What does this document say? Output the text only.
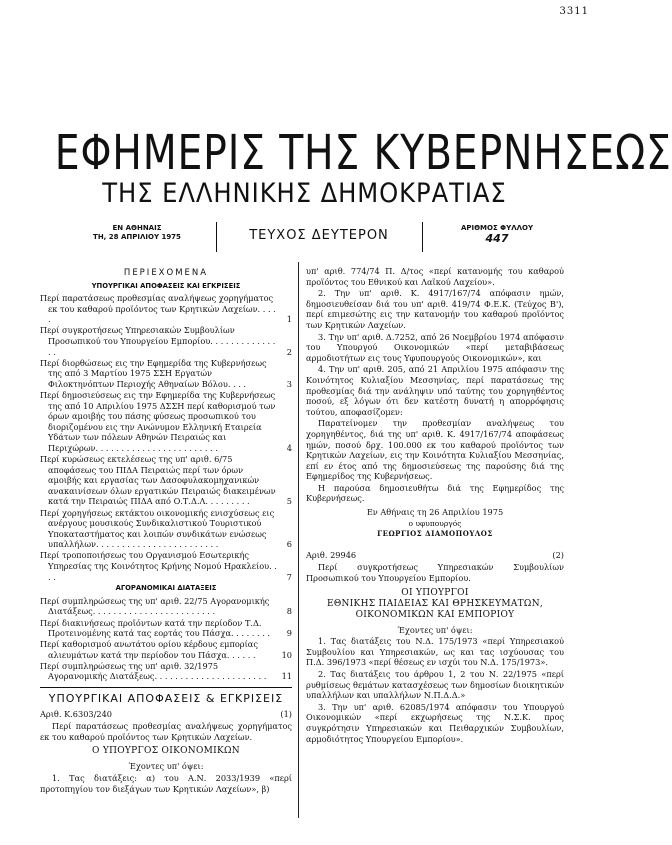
3311
ΕΦΗΜΕΡΙΣ ΤΗΣ ΚΥΒΕΡΝΗΣΕΩΣ
ΤΗΣ ΕΛΛΗΝΙΚΗΣ ΔΗΜΟΚΡΑΤΙΑΣ
ΕΝ ΑΘΗΝΑΙΣ
ΤΗ, 28 ΑΠΡΙΛΙΟΥ 1975	ΤΕΥΧΟΣ ΔΕΥΤΕΡΟΝ	ΑΡΙΘΜΟΣ ΦΥΛΛΟΥ
447
ΠΕΡΙΕΧΟΜΕΝΑ
ΥΠΟΥΡΓΙΚΑΙ ΑΠΟΦΑΣΕΙΣ ΚΑΙ ΕΓΚΡΙΣΕΙΣ
Περί παρατάσεως προθεσμίας αναλήψεως χορηγήματος εκ του καθαρού προϊόντος των Κρητικών Λαχείων. . . . .	1
Περί συγκροτήσεως Υπηρεσιακών Συμβουλίων Προσωπικού του Υπουργείου Εμπορίου. . . . . . . . . . . . . . .	2
Περί διορθώσεως εις την Εφημερίδα της Κυβερνήσεως της από 3 Μαρτίου 1975 ΣΣΗ Εργατών Φιλοκτηνόπτων Περιοχής Αθηναίων Βόλου. . . .	3
Περί δημοσιεύσεως εις την Εφημερίδα της Κυβερνήσεως της από 10 Απριλίου 1975 ΔΣΣΗ περί καθορισμού των όρων αμοιβής του πάσης φύσεως προσωπικού του διοριζομένου εις την Ανώνυμον Ελληνική Εταιρεία Υδάτων των πόλεων Αθηνών Πειραιώς και Περιχώρων. . . . . . . . . . . . . . . . . . . . . . . .	4
Περί κυρώσεως εκτελέσεως της υπ' αριθ. 6/75 αποφάσεως του ΠΙΔΑ Πειραιώς περί των όρων αμοιβής και εργασίας των Δασοφυλακομηχανικών ανακαινίσεων όλων εργατικών Πειραιώς διακειμένων κατά την Πειραιώς ΠΙΔΑ από Ο.Τ.Δ.Λ. . . . . . . . .	5
Περί χορηγήσεως εκτάκτου οικονομικής ενισχύσεως εις ανέργους μουσικούς Συνδικαλιστικού Τουριστικού Υποκαταστήματος και λοιπών συνδικάτων ενώσεως υπαλλήλων. . . . . . . . . . . . . . . . . . . . . . . .	6
Περί τροποποιήσεως του Οργανισμού Εσωτερικής Υπηρεσίας της Κοινότητος Κρήνης Νομού Ηρακλείου. . . .	7
ΑΓΟΡΑΝΟΜΙΚΑΙ ΔΙΑΤΑΞΕΙΣ
Περί συμπληρώσεως της υπ' αριθ. 22/75 Αγορανομικής Διατάξεως. . . . . . . . . . . . . . . . . . . . . . . .	8
Περί διακινήσεως προϊόντων κατά την περίοδον Τ.Δ. Προτεινομένης κατά τας εορτάς του Πάσχα. . . . . . . .	9
Περί καθορισμού ανωτάτου ορίου κέρδους εμπορίας αλιευμάτων κατά την περίοδον του Πάσχα. . . . . .	10
Περί συμπληρώσεως της υπ' αριθ. 32/1975 Αγορανομικής Διατάξεως. . . . . . . . . . . . . . . . . . . . . .	11
ΥΠΟΥΡΓΙΚΑΙ ΑΠΟΦΑΣΕΙΣ & ΕΓΚΡΙΣΕΙΣ
Αριθ. Κ.6303/240	(1)
Περί παρατάσεως προθεσμίας αναλήψεως χορηγήματος εκ του καθαρού προϊόντος των Κρητικών Λαχείων.
Ο ΥΠΟΥΡΓΟΣ ΟΙΚΟΝΟΜΙΚΩΝ
Έχοντες υπ' όψει:
1. Τας διατάξεις: α) του Α.Ν. 2033/1939 «περί προτοπηγίου τον διεξάγων των Κρητικών Λαχείων», β)
υπ' αριθ. 774/74 Π. Δ/τος «περί κατανομής του καθαρού προϊόντος του Εθνικού και Λαϊκού Λαχείου».
2. Την υπ' αριθ. Κ. 4917/167/74 απόφασιν ημών, δημοσιευθείσαν διά του υπ' αριθ. 419/74 Φ.Ε.Κ. (Τεύχος Β'), περί επιμεσώτης εις την κατανομήν του καθαρού προϊόντος των Κρητικών Λαχείων.
3. Την υπ' αριθ. Δ.7252, από 26 Νοεμβρίου 1974 απόφασιν του Υπουργού Οικονομικών «περί μεταβιβάσεως αρμοδιοτήτων εις τους Υφυπουργούς Οικονομικών», και
4. Την υπ' αριθ. 205, από 21 Απριλίου 1975 απόφασιν της Κοινότητος Κυλιαξίου Μεσσηνίας, περί παρατάσεως της προθεσμίας διά την ανάληψιν υπό ταύτης του χορηγηθέντος ποσού, εξ λόγων ότι δεν κατέστη δυνατή η απορρόφησις τούτου, αποφασίζομεν:
Παρατείνομεν την προθεσμίαν αναλήψεως του χορηγηθέντος, διά της υπ' αριθ. Κ. 4917/167/74 αποφάσεως ημών, ποσού δρχ. 100.000 εκ του καθαρού προϊόντος των Κρητικών Λαχείων, εις την Κοινότητα Κυλιαξίου Μεσσηνίας, επί εν έτος από της δημοσιεύσεως της παρούσης διά της Εφημερίδος της Κυβερνήσεως.
Η παρούσα δημοσιευθήτω διά της Εφημερίδος της Κυβερνήσεως.
Εν Αθήναις τη 26 Απριλίου 1975
ο υφυπουργός
ΓΕΩΡΓΙΟΣ ΔΙΑΜΟΠΟΥΛΟΣ
Αριθ. 29946	(2)
Περί συγκροτήσεως Υπηρεσιακών Συμβουλίων Προσωπικού του Υπουργείου Εμπορίου.
ΟΙ ΥΠΟΥΡΓΟΙ
ΕΘΝΙΚΗΣ ΠΑΙΔΕΙΑΣ ΚΑΙ ΘΡΗΣΚΕΥΜΑΤΩΝ,
ΟΙΚΟΝΟΜΙΚΩΝ ΚΑΙ ΕΜΠΟΡΙΟΥ
Έχοντες υπ' όψει:
1. Τας διατάξεις του Ν.Δ. 175/1973 «περί Υπηρεσιακού Συμβουλίου και Υπηρεσιακών, ως και τας ισχύουσας του Π.Δ. 396/1973 «περί θέσεως εν ισχύι του Ν.Δ. 175/1973».
2. Τας διατάξεις του άρθρου 1, 2 του Ν. 22/1975 «περί ρυθμίσεως θεμάτων κατασχέσεως των δημοσίων διοικητικών υπαλλήλων και υπαλλήλων Ν.Π.Δ.Δ.»
3. Την υπ' αριθ. 62085/1974 απόφασιν του Υπουργού Οικονομικών «περί εκχωρήσεως της Ν.Σ.Κ. προς συγκρότησιν Υπηρεσιακών και Πειθαρχικών Συμβουλίων, αρμοδιότητος Υπουργείου Εμπορίου».
